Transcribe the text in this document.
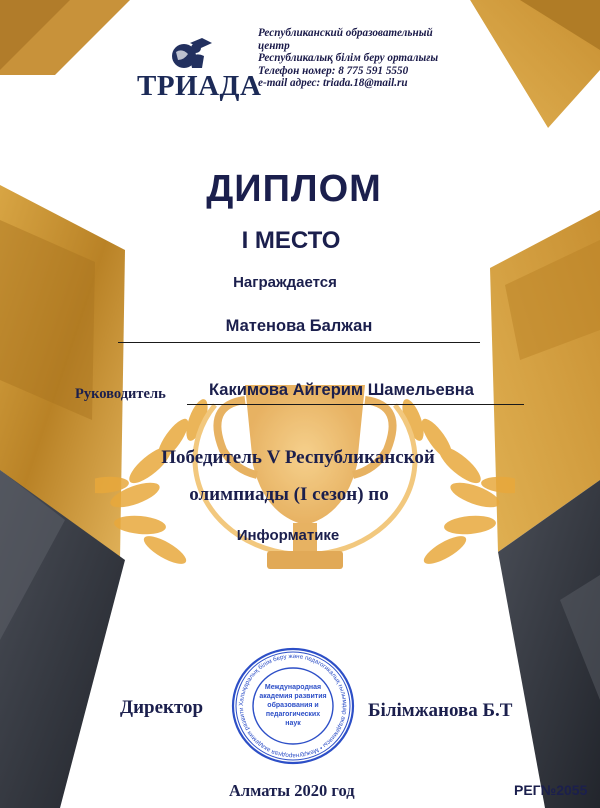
ТРИАДА
Республиканский образовательный
центр
Республикалық білім беру орталығы
Телефон номер: 8 775 591 5550
e-mail адрес: triada.18@mail.ru
ДИПЛОМ
I МЕСТО
Награждается
Матенова Балжан
Руководитель	Какимова Айгерим Шамельевна
Победитель V Республиканской
олимпиады (I сезон) по
Информатике
Халықаралық білім беру және педагогикалық ғылымдар академиясы • Международная академия развити
Международная
академия развития
образования и
педагогических
наук
Директор	Білімжанова Б.Т
Алматы 2020 год	РЕГ№2055
